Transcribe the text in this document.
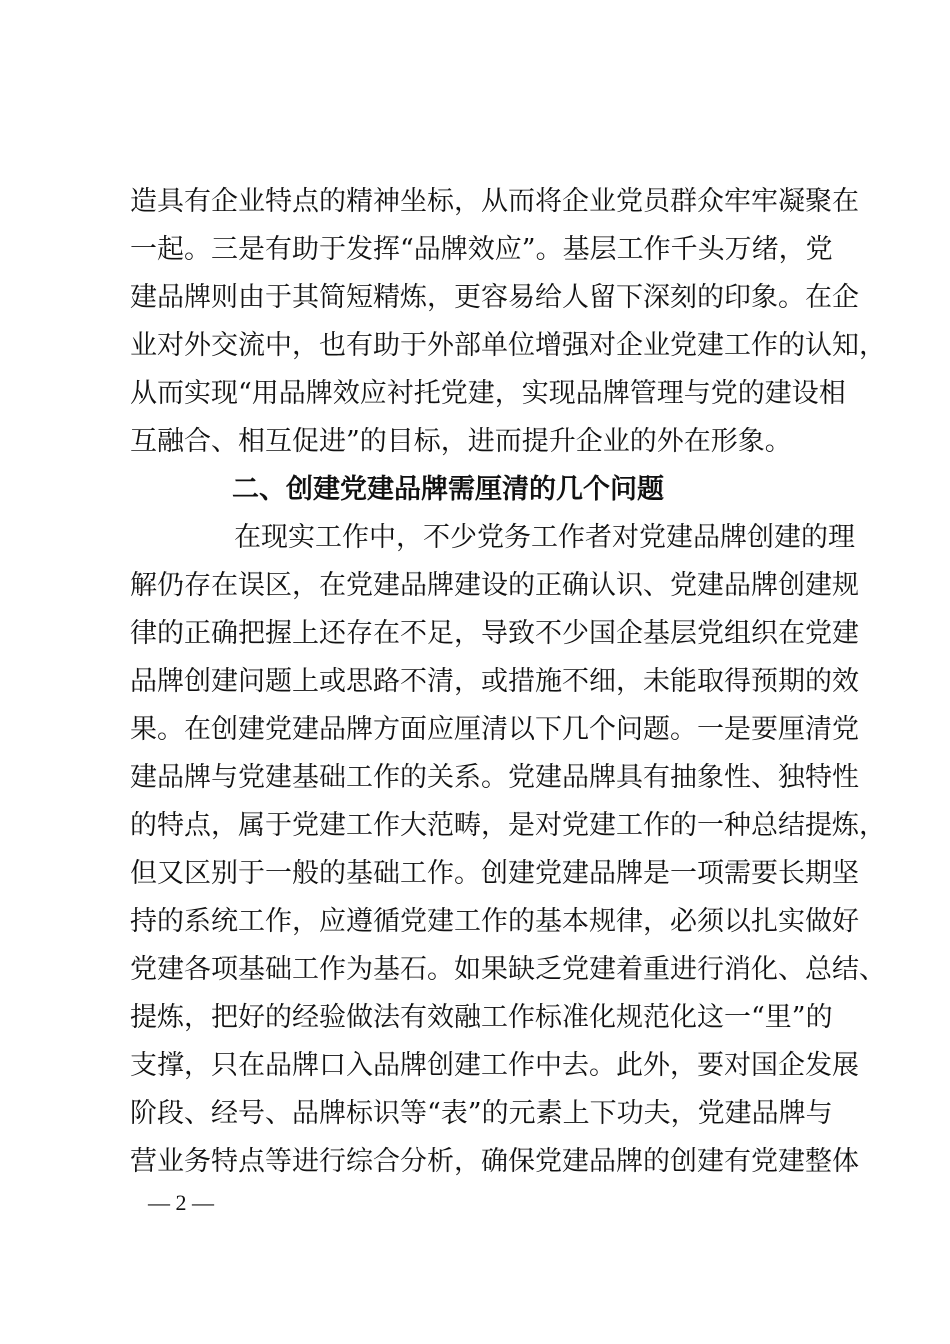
造具有企业特点的精神坐标，从而将企业党员群众牢牢凝聚在
一起。三是有助于发挥“品牌效应”。基层工作千头万绪，党
建品牌则由于其简短精炼，更容易给人留下深刻的印象。在企
业对外交流中，也有助于外部单位增强对企业党建工作的认知，
从而实现“用品牌效应衬托党建，实现品牌管理与党的建设相
互融合、相互促进”的目标，进而提升企业的外在形象。
二、创建党建品牌需厘清的几个问题
在现实工作中，不少党务工作者对党建品牌创建的理
解仍存在误区，在党建品牌建设的正确认识、党建品牌创建规
律的正确把握上还存在不足，导致不少国企基层党组织在党建
品牌创建问题上或思路不清，或措施不细，未能取得预期的效
果。在创建党建品牌方面应厘清以下几个问题。一是要厘清党
建品牌与党建基础工作的关系。党建品牌具有抽象性、独特性
的特点，属于党建工作大范畴，是对党建工作的一种总结提炼，
但又区别于一般的基础工作。创建党建品牌是一项需要长期坚
持的系统工作，应遵循党建工作的基本规律，必须以扎实做好
党建各项基础工作为基石。如果缺乏党建着重进行消化、总结、
提炼，把好的经验做法有效融工作标准化规范化这一“里”的
支撑，只在品牌口入品牌创建工作中去。此外，要对国企发展
阶段、经号、品牌标识等“表”的元素上下功夫，党建品牌与
营业务特点等进行综合分析，确保党建品牌的创建有党建整体
— 2 —
